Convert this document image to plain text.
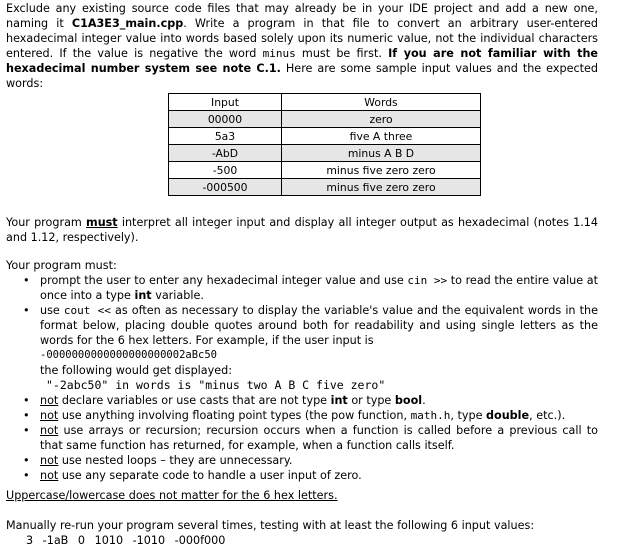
Exclude any existing source code files that may already be in your IDE project and add a new one, naming it C1A3E3_main.cpp. Write a program in that file to convert an arbitrary user-entered hexadecimal integer value into words based solely upon its numeric value, not the individual characters entered. If the value is negative the word minus must be first. If you are not familiar with the hexadecimal number system see note C.1. Here are some sample input values and the expected words:

Input	Words
00000	zero
5a3	five A three
-AbD	minus A B D
-500	minus five zero zero
-000500	minus five zero zero

Your program must interpret all integer input and display all integer output as hexadecimal (notes 1.14 and 1.12, respectively).

Your program must:

• prompt the user to enter any hexadecimal integer value and use cin >> to read the entire value at once into a type int variable.
• use cout << as often as necessary to display the variable's value and the equivalent words in the format below, placing double quotes around both for readability and using single letters as the words for the 6 hex letters. For example, if the user input is
-0000000000000000000002aBc50
the following would get displayed:
"-2abc50" in words is "minus two A B C five zero"
• not declare variables or use casts that are not type int or type bool.
• not use anything involving floating point types (the pow function, math.h, type double, etc.).
• not use arrays or recursion; recursion occurs when a function is called before a previous call to that same function has returned, for example, when a function calls itself.
• not use nested loops – they are unnecessary.
• not use any separate code to handle a user input of zero.

Uppercase/lowercase does not matter for the 6 hex letters.

Manually re-run your program several times, testing with at least the following 6 input values:

3 -1aB 0 1010 -1010 -000f000
